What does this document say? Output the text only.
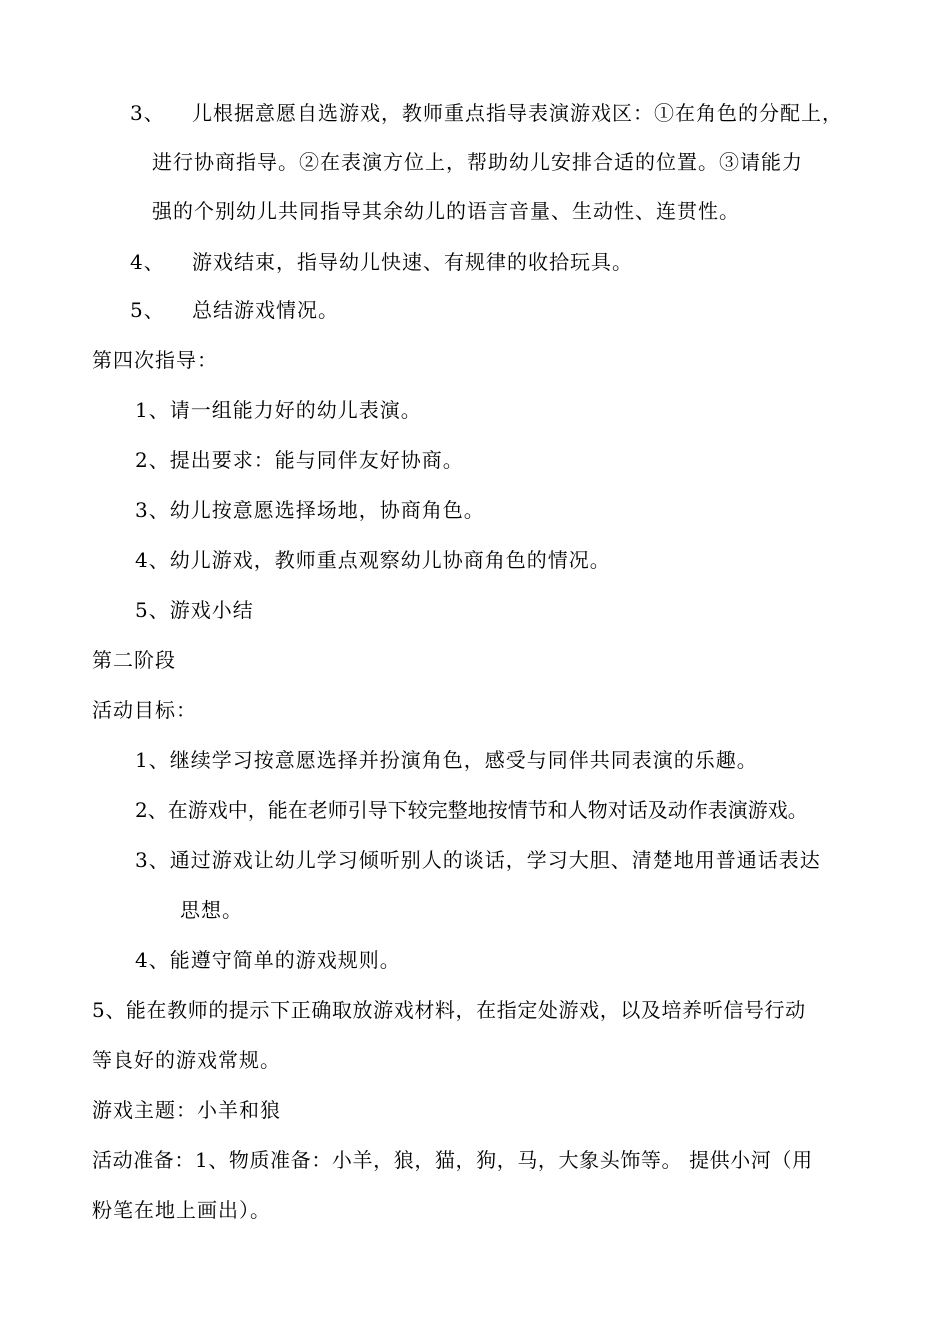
3、 儿根据意愿自选游戏，教师重点指导表演游戏区：①在角色的分配上，
进行协商指导。②在表演方位上，帮助幼儿安排合适的位置。③请能力
强的个别幼儿共同指导其余幼儿的语言音量、生动性、连贯性。
4、 游戏结束，指导幼儿快速、有规律的收拾玩具。
5、 总结游戏情况。
第四次指导：
1、请一组能力好的幼儿表演。
2、提出要求：能与同伴友好协商。
3、幼儿按意愿选择场地，协商角色。
4、幼儿游戏，教师重点观察幼儿协商角色的情况。
5、游戏小结
第二阶段
活动目标：
1、继续学习按意愿选择并扮演角色，感受与同伴共同表演的乐趣。
2、在游戏中，能在老师引导下较完整地按情节和人物对话及动作表演游戏。
3、通过游戏让幼儿学习倾听别人的谈话，学习大胆、清楚地用普通话表达
思想。
4、能遵守简单的游戏规则。
5、能在教师的提示下正确取放游戏材料，在指定处游戏，以及培养听信号行动
等良好的游戏常规。
游戏主题：小羊和狼
活动准备：1、物质准备：小羊，狼，猫，狗，马，大象头饰等。 提供小河（用
粉笔在地上画出）。
